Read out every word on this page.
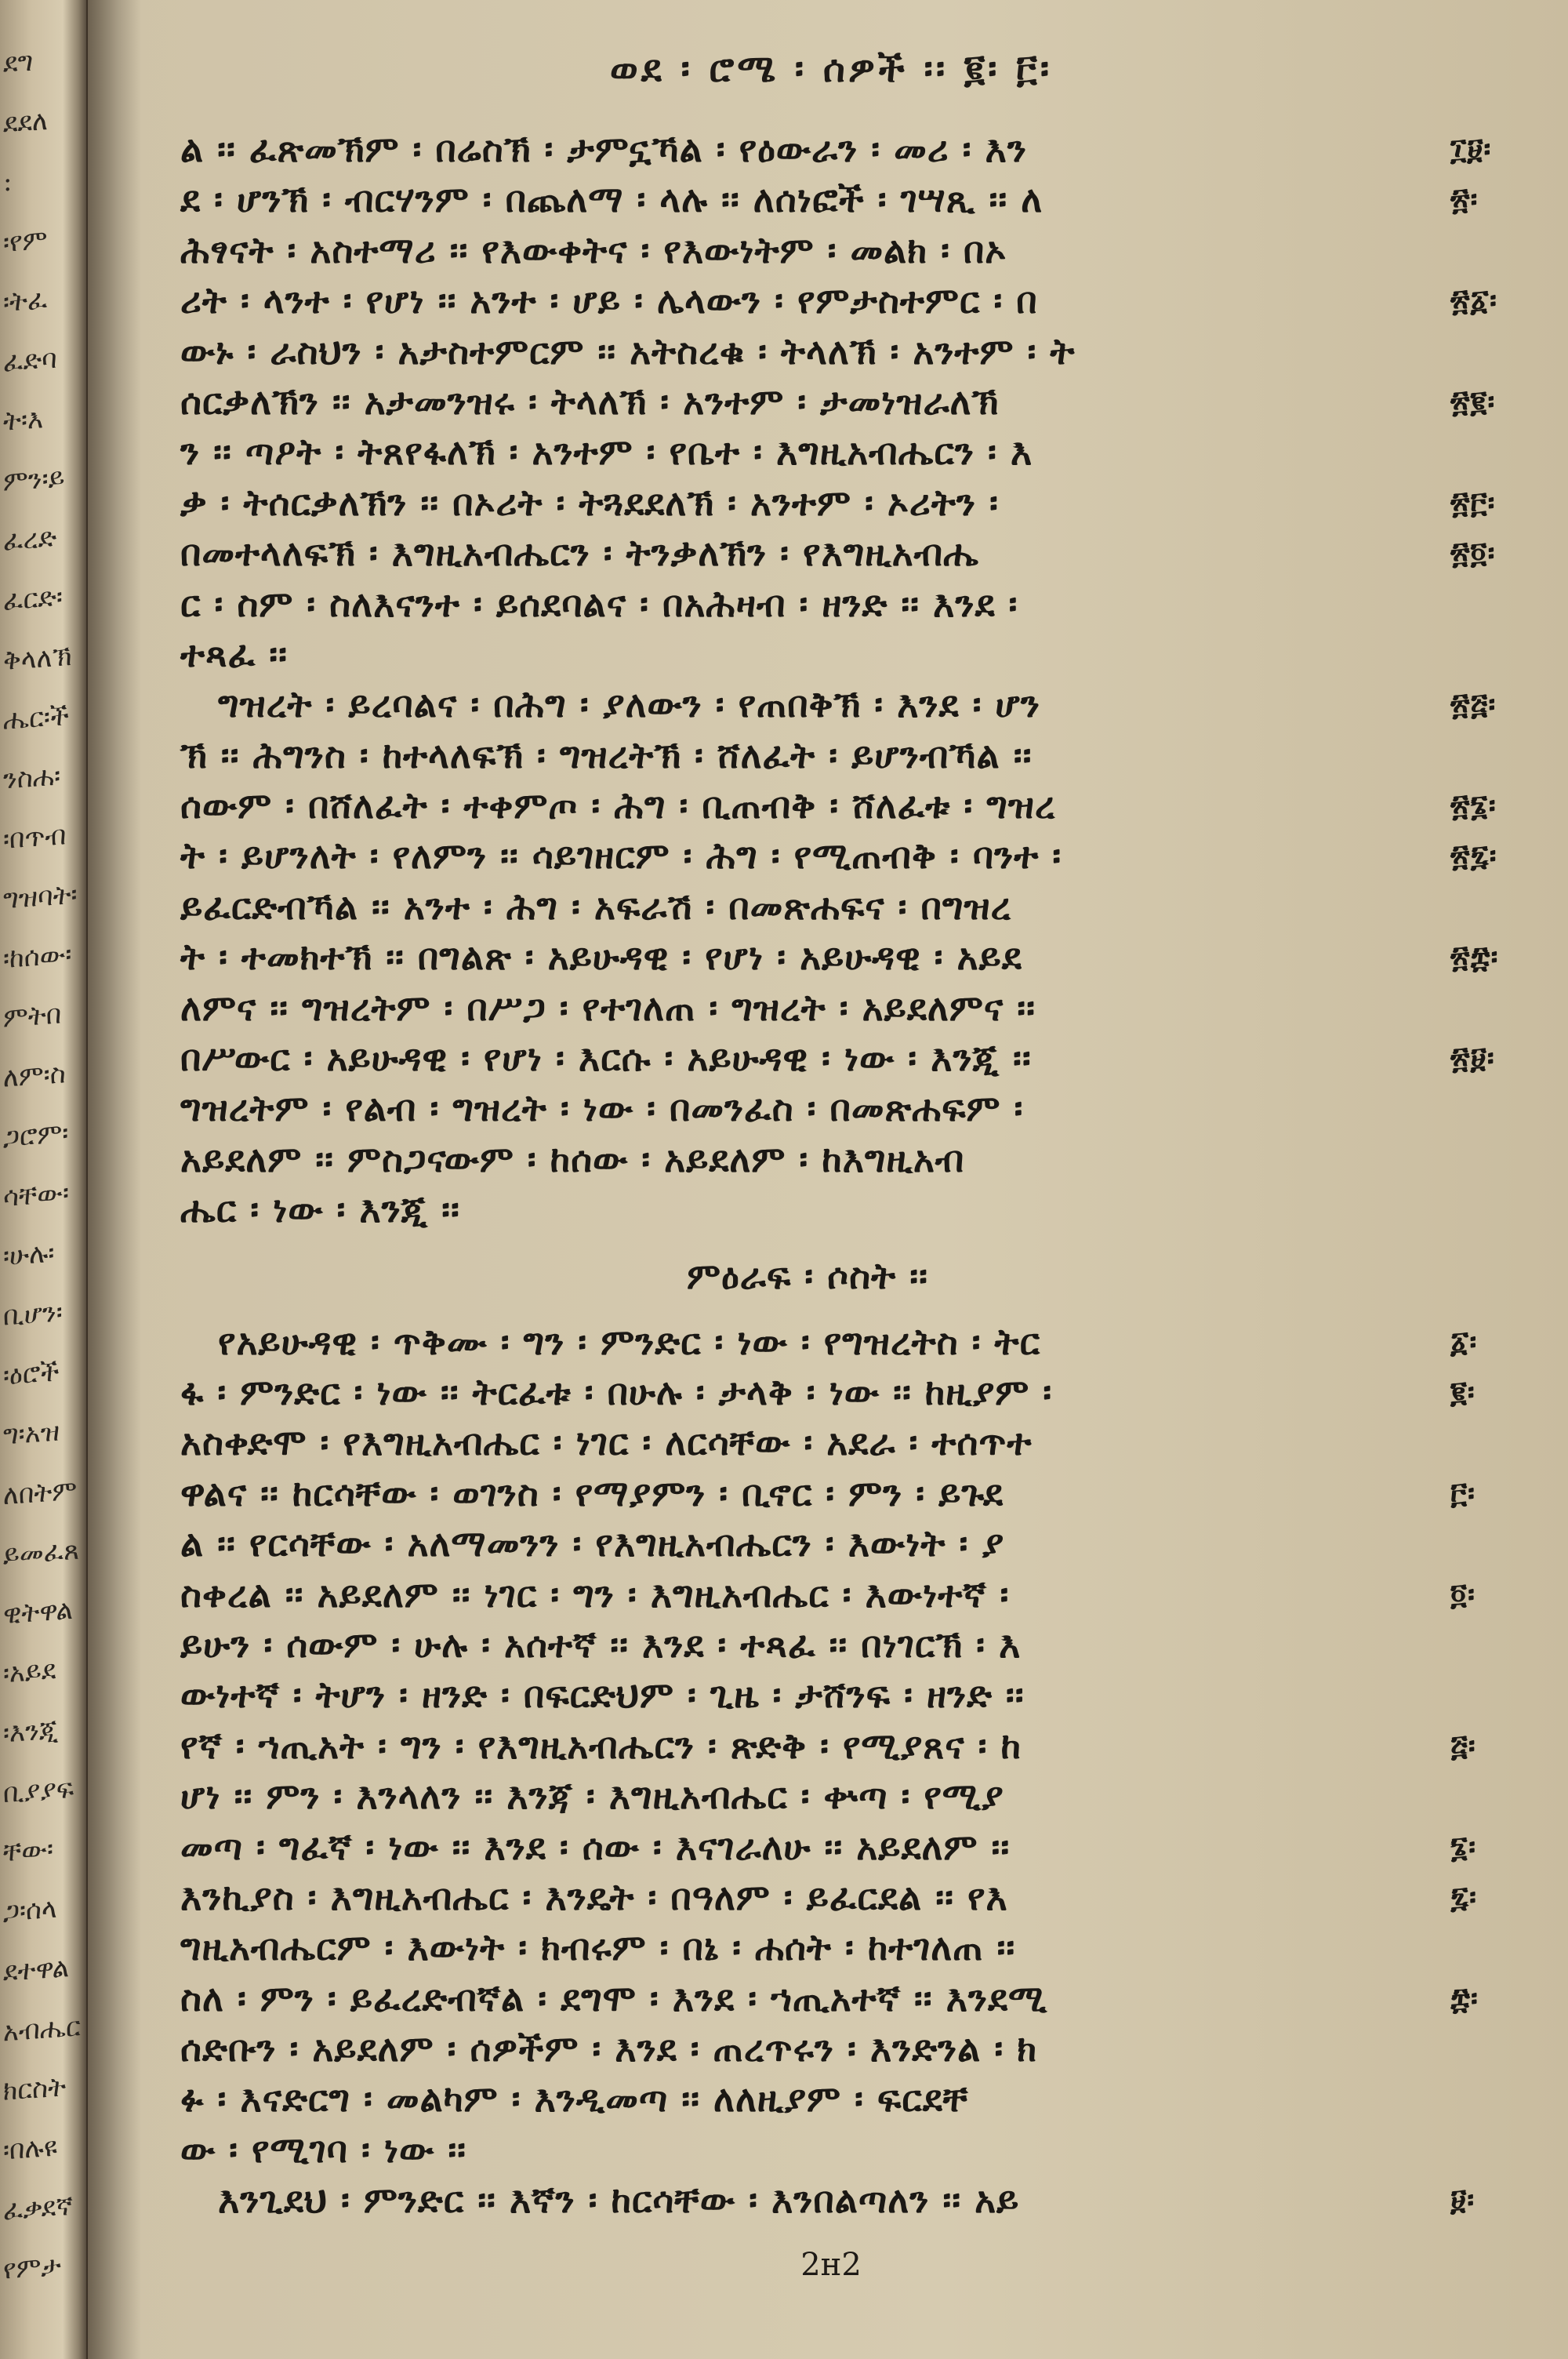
ደግ
ደደለ
:
፡የም
፡ትፈ
ፈድባ
ት፡እ
ምን፡ይ
ፈረድ
ፈርድ፡
ቅላለኽ
ሔር፡ች
ንስሐ፡
፡በጥብ
ግዝባት፡
፡ከሰው፡
ምትበ
ለም፡ስ
ጋሮም፡
ሳቸው፡
፡ሁሉ፡
ቢሆን፡
፡ዕሮች
ግ፡አዝ
ለበትም
ይመፈጸ
ዊትዋል
፡አይደ
፡እንጂ
ቢያያፍ
ቸው፡
ጋ፡ሰላ
ደተዋል
አብሔር
ክርስት
፡በሉዩ
ፈቃደኛ
የምታ
ወደ ፡ ሮሜ ፡ ሰዎች ፡፡ ፪፡ ፫፡
ል ፡፡ ፈጽመኽም ፡ በሬስኽ ፡ ታምኗኻል ፡ የዕውራን ፡ መሪ ፡ እን	፲፱፡
ደ ፡ ሆንኽ ፡ ብርሃንም ፡ በጨለማ ፡ ላሉ ፡፡ ለሰነፎች ፡ ገሣጺ ፡፡ ለ	፳፡
ሕፃናት ፡ አስተማሪ ፡፡ የእውቀትና ፡ የእውነትም ፡ መልክ ፡ በኦ
ሪት ፡ ላንተ ፡ የሆነ ፡፡ አንተ ፡ ሆይ ፡ ሌላውን ፡ የምታስተምር ፡ በ	፳፩፡
ውኑ ፡ ራስህን ፡ አታስተምርም ፡፡ አትስረቁ ፡ ትላለኽ ፡ አንተም ፡ ት
ሰርቃለኽን ፡፡ አታመንዝሩ ፡ ትላለኽ ፡ አንተም ፡ ታመነዝራለኽ	፳፪፡
ን ፡፡ ጣዖት ፡ ትጸየፋለኽ ፡ አንተም ፡ የቤተ ፡ እግዚአብሔርን ፡ እ
ቃ ፡ ትሰርቃለኽን ፡፡ በኦሪት ፡ ትጓደደለኽ ፡ አንተም ፡ ኦሪትን ፡	፳፫፡
በመተላለፍኽ ፡ እግዚአብሔርን ፡ ትንቃለኽን ፡ የእግዚአብሔ	፳፬፡
ር ፡ ስም ፡ ስለእናንተ ፡ ይሰደባልና ፡ በአሕዛብ ፡ ዘንድ ፡፡ እንደ ፡
ተጻፈ ፡፡
ግዝረት ፡ ይረባልና ፡ በሕግ ፡ ያለውን ፡ የጠበቅኽ ፡ እንደ ፡ ሆን	፳፭፡
ኽ ፡፡ ሕግንስ ፡ ከተላለፍኽ ፡ ግዝረትኽ ፡ ሸለፈት ፡ ይሆንብኻል ፡፡
ሰውም ፡ በሸለፈት ፡ ተቀምጦ ፡ ሕግ ፡ ቢጠብቅ ፡ ሸለፈቱ ፡ ግዝረ	፳፮፡
ት ፡ ይሆንለት ፡ የለምን ፡፡ ሳይገዘርም ፡ ሕግ ፡ የሚጠብቅ ፡ ባንተ ፡	፳፯፡
ይፈርድብኻል ፡፡ አንተ ፡ ሕግ ፡ አፍራሽ ፡ በመጽሐፍና ፡ በግዝረ
ት ፡ ተመክተኽ ፡፡ በግልጽ ፡ አይሁዳዊ ፡ የሆነ ፡ አይሁዳዊ ፡ አይደ	፳፰፡
ለምና ፡፡ ግዝረትም ፡ በሥጋ ፡ የተገለጠ ፡ ግዝረት ፡ አይደለምና ፡፡
በሥውር ፡ አይሁዳዊ ፡ የሆነ ፡ እርሱ ፡ አይሁዳዊ ፡ ነው ፡ እንጂ ፡፡	፳፱፡
ግዝረትም ፡ የልብ ፡ ግዝረት ፡ ነው ፡ በመንፈስ ፡ በመጽሐፍም ፡
አይደለም ፡፡ ምስጋናውም ፡ ከሰው ፡ አይደለም ፡ ከእግዚአብ
ሔር ፡ ነው ፡ እንጂ ፡፡
ምዕራፍ ፡ ሶስት ፡፡
የአይሁዳዊ ፡ ጥቅሙ ፡ ግን ፡ ምንድር ፡ ነው ፡ የግዝረትስ ፡ ትር	፩፡
ፋ ፡ ምንድር ፡ ነው ፡፡ ትርፈቱ ፡ በሁሉ ፡ ታላቅ ፡ ነው ፡፡ ከዚያም ፡	፪፡
አስቀድሞ ፡ የእግዚአብሔር ፡ ነገር ፡ ለርሳቸው ፡ አደራ ፡ ተሰጥተ
ዋልና ፡፡ ከርሳቸው ፡ ወገንስ ፡ የማያምን ፡ ቢኖር ፡ ምን ፡ ይጉደ	፫፡
ል ፡፡ የርሳቸው ፡ አለማመንን ፡ የእግዚአብሔርን ፡ እውነት ፡ ያ
ስቀረል ፡፡ አይደለም ፡፡ ነገር ፡ ግን ፡ እግዚአብሔር ፡ እውነተኛ ፡	፬፡
ይሁን ፡ ሰውም ፡ ሁሉ ፡ አሰተኛ ፡፡ እንደ ፡ ተጻፈ ፡፡ በነገርኽ ፡ እ
ውነተኛ ፡ ትሆን ፡ ዘንድ ፡ በፍርድህም ፡ ጊዜ ፡ ታሸንፍ ፡ ዘንድ ፡፡
የኛ ፡ ኀጢአት ፡ ግን ፡ የእግዚአብሔርን ፡ ጽድቅ ፡ የሚያጸና ፡ ከ	፭፡
ሆነ ፡፡ ምን ፡ እንላለን ፡፡ እንጃ ፡ እግዚአብሔር ፡ ቍጣ ፡ የሚያ
መጣ ፡ ግፈኛ ፡ ነው ፡፡ እንደ ፡ ሰው ፡ እናገራለሁ ፡፡ አይደለም ፡፡	፮፡
እንኪያስ ፡ እግዚአብሔር ፡ እንዴት ፡ በዓለም ፡ ይፈርደል ፡፡ የእ	፯፡
ግዚአብሔርም ፡ እውነት ፡ ክብሩም ፡ በኔ ፡ ሐሰት ፡ ከተገለጠ ፡፡
ስለ ፡ ምን ፡ ይፈረድብኛል ፡ ደግሞ ፡ እንደ ፡ ኀጢአተኛ ፡፡ እንደሚ	፰፡
ሰድቡን ፡ አይደለም ፡ ሰዎችም ፡ እንደ ፡ ጠረጥሩን ፡ እንድንል ፡ ክ
ፉ ፡ እናድርግ ፡ መልካም ፡ እንዲመጣ ፡፡ ለለዚያም ፡ ፍርደቸ
ው ፡ የሚገባ ፡ ነው ፡፡
እንጊደህ ፡ ምንድር ፡፡ እኛን ፡ ከርሳቸው ፡ እንበልጣለን ፡፡ አይ	፱፡
2н2
